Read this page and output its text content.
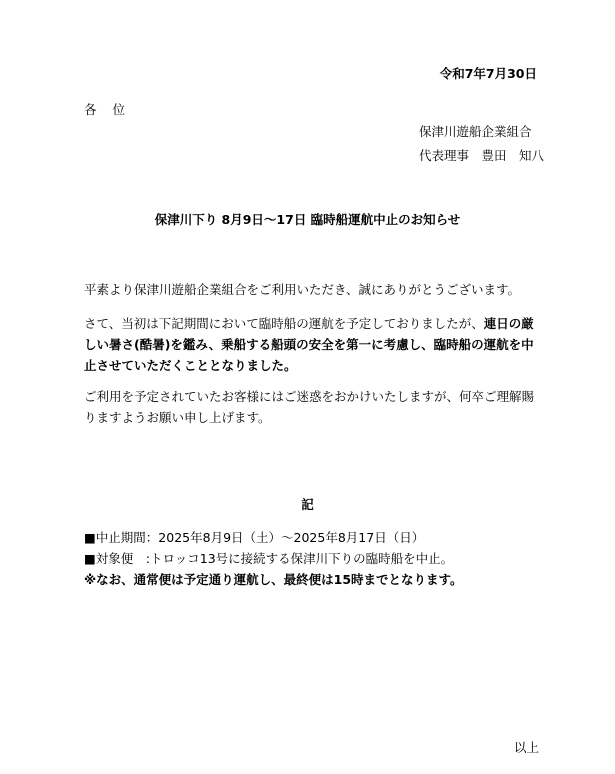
令和7年7月30日
各 位
保津川遊船企業組合
代表理事　豊田　知八
保津川下り 8月9日～17日 臨時船運航中止のお知らせ
平素より保津川遊船企業組合をご利用いただき、誠にありがとうございます。
さて、当初は下記期間において臨時船の運航を予定しておりましたが、連日の厳しい暑さ(酷暑)を鑑み、乗船する船頭の安全を第一に考慮し、臨時船の運航を中止させていただくこととなりました。
ご利用を予定されていたお客様にはご迷惑をおかけいたしますが、何卒ご理解賜りますようお願い申し上げます。
記
■中止期間：2025年8月9日（土）～2025年8月17日（日）
■対象便　:トロッコ13号に接続する保津川下りの臨時船を中止。
※なお、通常便は予定通り運航し、最終便は15時までとなります。
以上
